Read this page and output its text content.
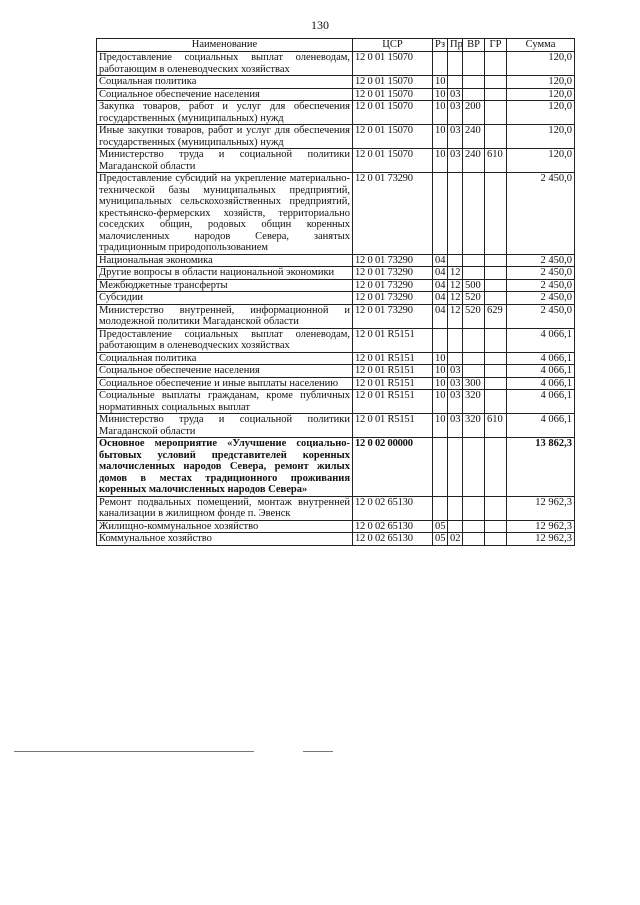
130
Наименование	ЦСР	Рз	Пр	ВР	ГР	Сумма
Предоставление социальных выплат оленеводам, работающим в оленеводческих хозяйствах	12 0 01 15070					120,0
Социальная политика	12 0 01 15070	10				120,0
Социальное обеспечение населения	12 0 01 15070	10	03			120,0
Закупка товаров, работ и услуг для обеспечения государственных (муниципальных) нужд	12 0 01 15070	10	03	200		120,0
Иные закупки товаров, работ и услуг для обеспечения государственных (муниципальных) нужд	12 0 01 15070	10	03	240		120,0
Министерство труда и социальной политики Магаданской области	12 0 01 15070	10	03	240	610	120,0
Предоставление субсидий на укрепление материально-технической базы муниципальных предприятий, муниципальных сельскохозяйственных предприятий, крестьянско-фермерских хозяйств, территориально соседских общин, родовых общин коренных малочисленных народов Севера, занятых традиционным природопользованием	12 0 01 73290					2 450,0
Национальная экономика	12 0 01 73290	04				2 450,0
Другие вопросы в области национальной экономики	12 0 01 73290	04	12			2 450,0
Межбюджетные трансферты	12 0 01 73290	04	12	500		2 450,0
Субсидии	12 0 01 73290	04	12	520		2 450,0
Министерство внутренней, информационной и молодежной политики Магаданской области	12 0 01 73290	04	12	520	629	2 450,0
Предоставление социальных выплат оленеводам, работающим в оленеводческих хозяйствах	12 0 01 R5151					4 066,1
Социальная политика	12 0 01 R5151	10				4 066,1
Социальное обеспечение населения	12 0 01 R5151	10	03			4 066,1
Социальное обеспечение и иные выплаты населению	12 0 01 R5151	10	03	300		4 066,1
Социальные выплаты гражданам, кроме публичных нормативных социальных выплат	12 0 01 R5151	10	03	320		4 066,1
Министерство труда и социальной политики Магаданской области	12 0 01 R5151	10	03	320	610	4 066,1
Основное мероприятие «Улучшение социально-бытовых условий представителей коренных малочисленных народов Севера, ремонт жилых домов в местах традиционного проживания коренных малочисленных народов Севера»	12 0 02 00000					13 862,3
Ремонт подвальных помещений, монтаж внутренней канализации в жилищном фонде п. Эвенск	12 0 02 65130					12 962,3
Жилищно-коммунальное хозяйство	12 0 02 65130	05				12 962,3
Коммунальное хозяйство	12 0 02 65130	05	02			12 962,3
